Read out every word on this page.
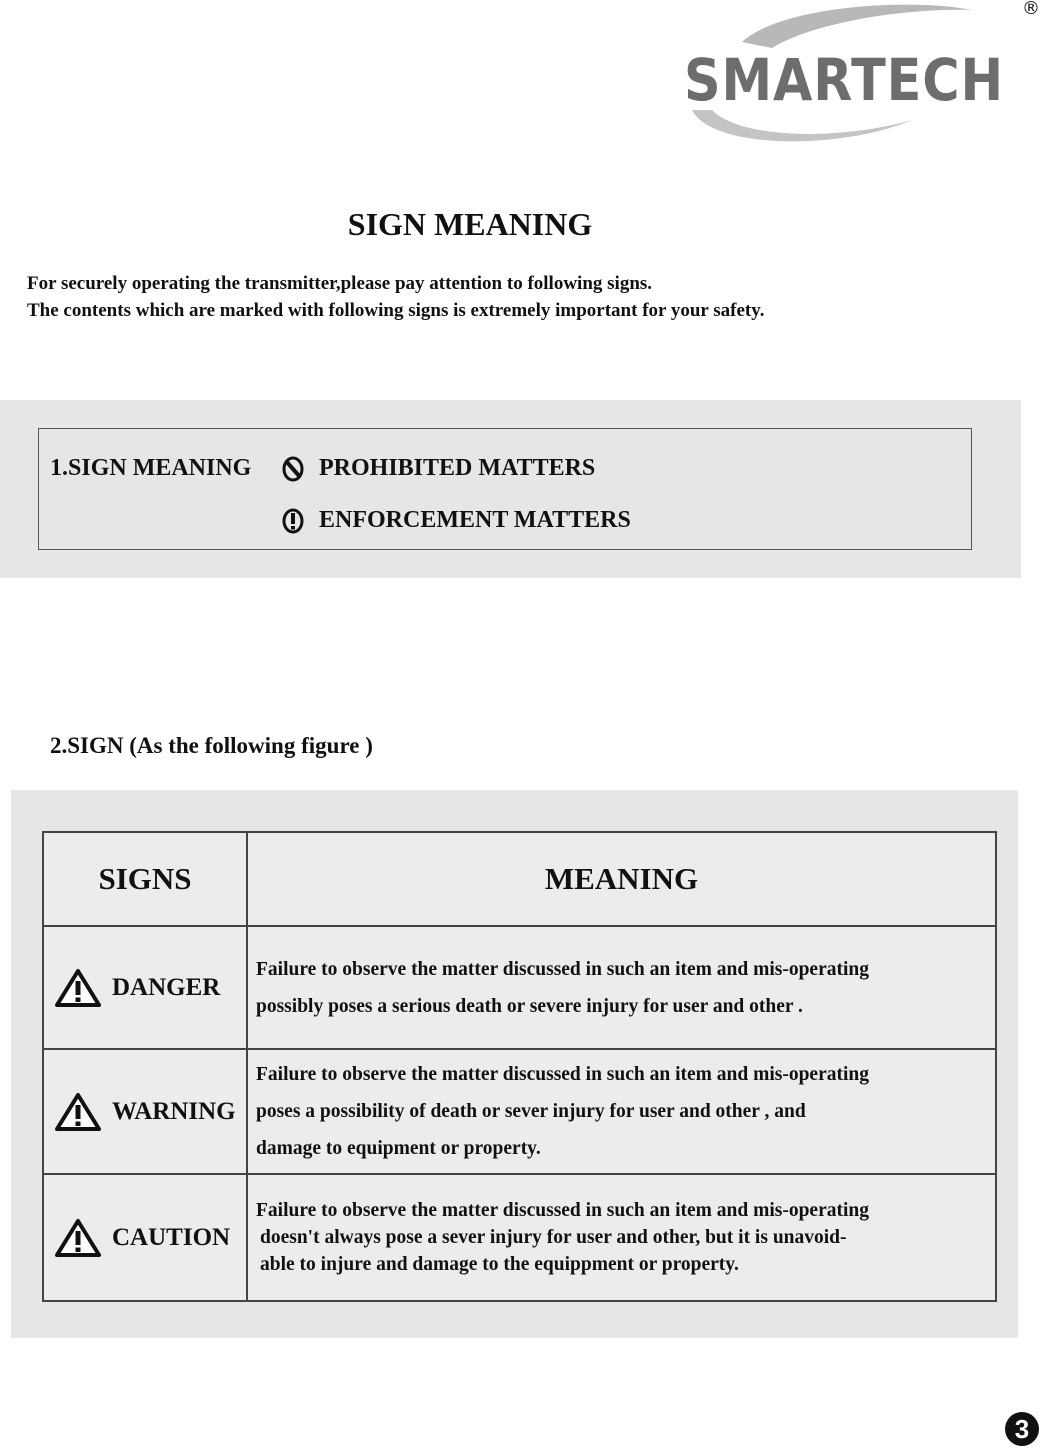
SMARTECH
®
SIGN MEANING
For securely operating the transmitter,please pay attention to following signs.
The contents which are marked with following signs is extremely important for your safety.
1.SIGN MEANING	PROHIBITED MATTERS
ENFORCEMENT MATTERS
2.SIGN (As the following figure )
SIGNS	MEANING

DANGER	Failure to observe the matter discussed in such an item and mis-operating
possibly poses a serious death or severe injury for user and other .

WARNING	Failure to observe the matter discussed in such an item and mis-operating
poses a possibility of death or sever injury for user and other , and
damage to equipment or property.

CAUTION	Failure to observe the matter discussed in such an item and mis-operating
doesn't always pose a sever injury for user and other, but it is unavoid-
able to injure and damage to the equippment or property.
3
